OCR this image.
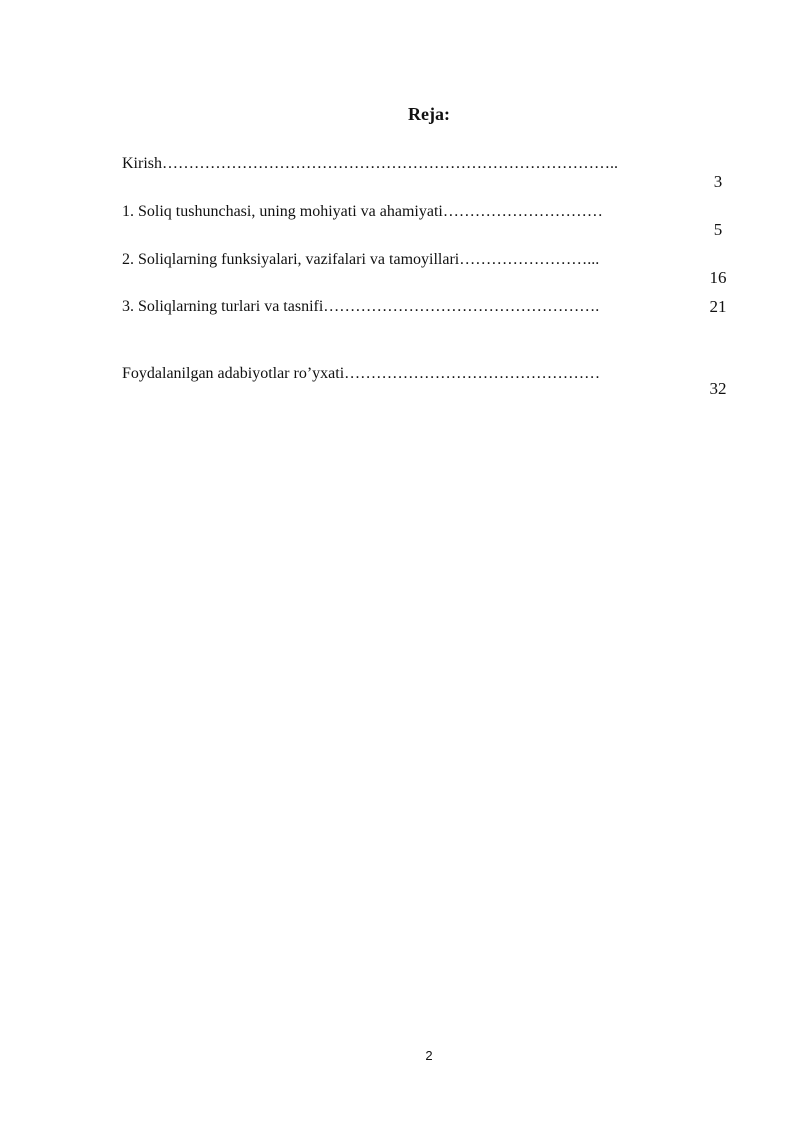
Reja:
Kirish…………………………………………………………………………..
3
1. Soliq tushunchasi, uning mohiyati va ahamiyati…………………………
5
2. Soliqlarning funksiyalari, vazifalari va tamoyillari……………………...
16
3. Soliqlarning turlari va tasnifi…………………………………………….	21
Foydalanilgan adabiyotlar ro’yxati…………………………………………
32
2
